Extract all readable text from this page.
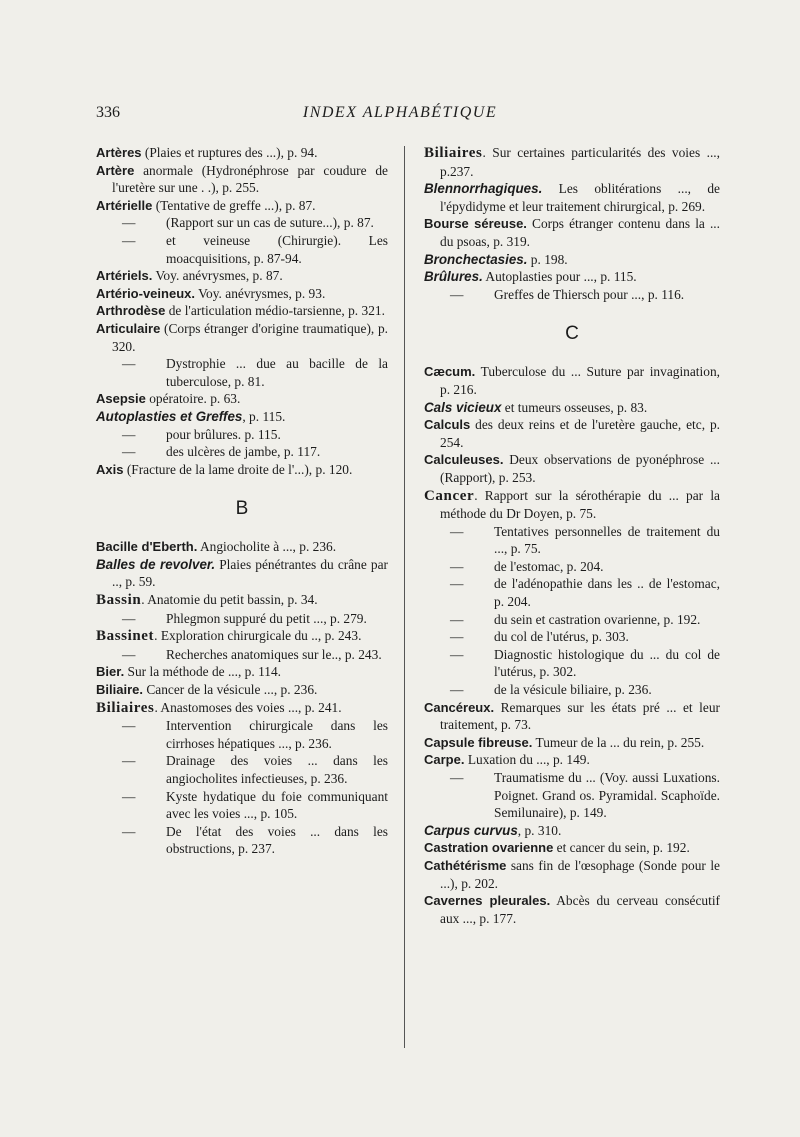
336	INDEX ALPHABÉTIQUE
Artères (Plaies et ruptures des ...), p. 94.
Artère anormale (Hydronéphrose par coudure de l'uretère sur une . .), p. 255.
Artérielle (Tentative de greffe ...), p. 87.
— (Rapport sur un cas de suture...), p. 87.
— et veineuse (Chirurgie). Les moacquisitions, p. 87-94.
Artériels. Voy. anévrysmes, p. 87.
Artério-veineux. Voy. anévrysmes, p. 93.
Arthrodèse de l'articulation médio-tarsienne, p. 321.
Articulaire (Corps étranger d'origine traumatique), p. 320.
— Dystrophie ... due au bacille de la tuberculose, p. 81.
Asepsie opératoire. p. 63.
Autoplasties et Greffes, p. 115.
— pour brûlures. p. 115.
— des ulcères de jambe, p. 117.
Axis (Fracture de la lame droite de l'...), p. 120.
B
Bacille d'Eberth. Angiocholite à ..., p. 236.
Balles de revolver. Plaies pénétrantes du crâne par .., p. 59.
Bassin. Anatomie du petit bassin, p. 34.
— Phlegmon suppuré du petit ..., p. 279.
Bassinet. Exploration chirurgicale du .., p. 243.
— Recherches anatomiques sur le.., p. 243.
Bier. Sur la méthode de ..., p. 114.
Biliaire. Cancer de la vésicule ..., p. 236.
Biliaires. Anastomoses des voies ..., p. 241.
— Intervention chirurgicale dans les cirrhoses hépatiques ..., p. 236.
— Drainage des voies ... dans les angiocholites infectieuses, p. 236.
— Kyste hydatique du foie communiquant avec les voies ..., p. 105.
— De l'état des voies ... dans les obstructions, p. 237.
Biliaires. Sur certaines particularités des voies ..., p.237.
Blennorrhagiques. Les oblitérations ..., de l'épydidyme et leur traitement chirurgical, p. 269.
Bourse séreuse. Corps étranger contenu dans la ... du psoas, p. 319.
Bronchectasies. p. 198.
Brûlures. Autoplasties pour ..., p. 115.
— Greffes de Thiersch pour ..., p. 116.
C
Cæcum. Tuberculose du ... Suture par invagination, p. 216.
Cals vicieux et tumeurs osseuses, p. 83.
Calculs des deux reins et de l'uretère gauche, etc, p. 254.
Calculeuses. Deux observations de pyonéphrose ... (Rapport), p. 253.
Cancer. Rapport sur la sérothérapie du ... par la méthode du Dr Doyen, p. 75.
— Tentatives personnelles de traitement du ..., p. 75.
— de l'estomac, p. 204.
— de l'adénopathie dans les .. de l'estomac, p. 204.
— du sein et castration ovarienne, p. 192.
— du col de l'utérus, p. 303.
— Diagnostic histologique du ... du col de l'utérus, p. 302.
— de la vésicule biliaire, p. 236.
Cancéreux. Remarques sur les états pré ... et leur traitement, p. 73.
Capsule fibreuse. Tumeur de la ... du rein, p. 255.
Carpe. Luxation du ..., p. 149.
— Traumatisme du ... (Voy. aussi Luxations. Poignet. Grand os. Pyramidal. Scaphoïde. Semilunaire), p. 149.
Carpus curvus, p. 310.
Castration ovarienne et cancer du sein, p. 192.
Cathétérisme sans fin de l'œsophage (Sonde pour le ...), p. 202.
Cavernes pleurales. Abcès du cerveau consécutif aux ..., p. 177.
